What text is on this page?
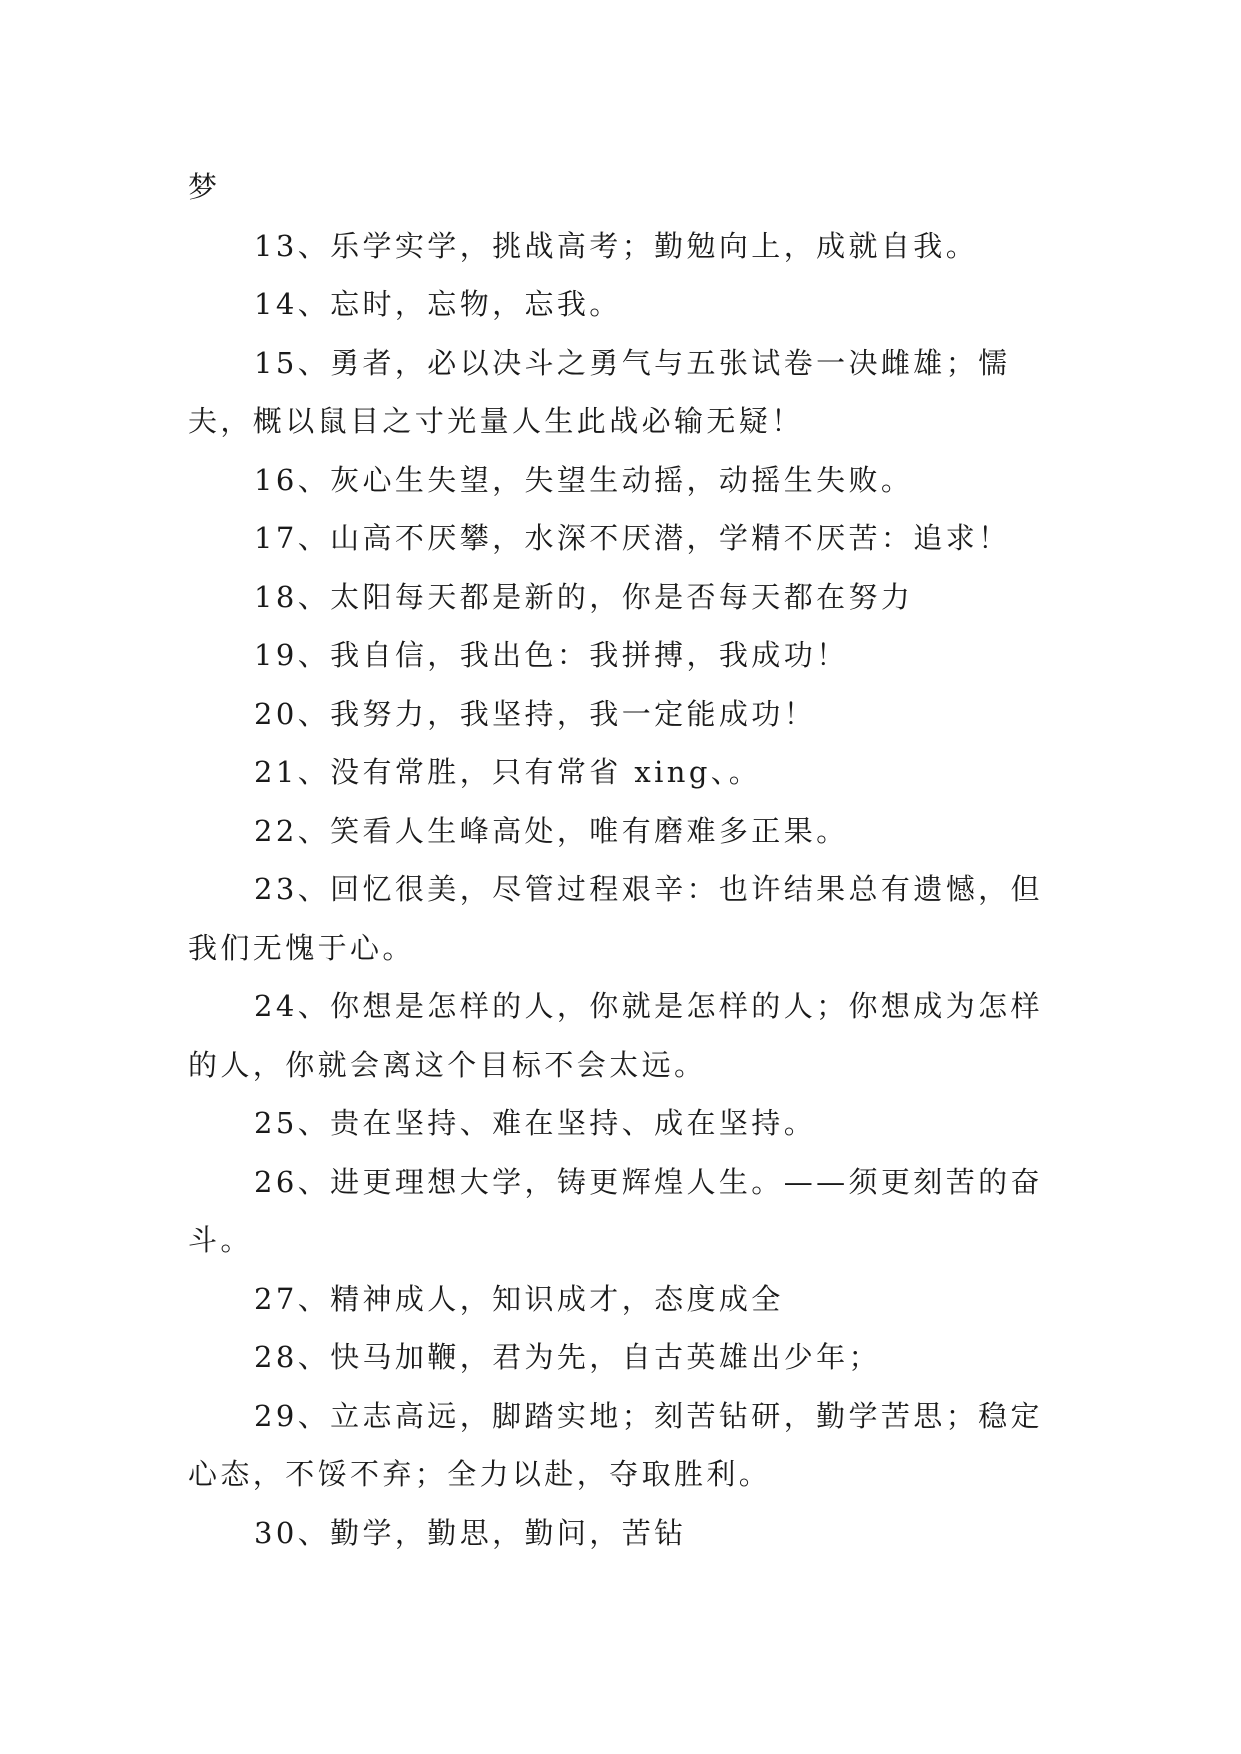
梦

13、乐学实学，挑战高考；勤勉向上，成就自我。

14、忘时，忘物，忘我。

15、勇者，必以决斗之勇气与五张试卷一决雌雄；懦夫，概以鼠目之寸光量人生此战必输无疑！

16、灰心生失望，失望生动摇，动摇生失败。

17、山高不厌攀，水深不厌潜，学精不厌苦：追求！

18、太阳每天都是新的，你是否每天都在努力

19、我自信，我出色：我拼搏，我成功！

20、我努力，我坚持，我一定能成功！

21、没有常胜，只有常省 xing、。

22、笑看人生峰高处，唯有磨难多正果。

23、回忆很美，尽管过程艰辛：也许结果总有遗憾，但我们无愧于心。

24、你想是怎样的人，你就是怎样的人；你想成为怎样的人，你就会离这个目标不会太远。

25、贵在坚持、难在坚持、成在坚持。

26、进更理想大学，铸更辉煌人生。——须更刻苦的奋斗。

27、精神成人，知识成才，态度成全

28、快马加鞭，君为先，自古英雄出少年；

29、立志高远，脚踏实地；刻苦钻研，勤学苦思；稳定心态，不馁不弃；全力以赴，夺取胜利。

30、勤学，勤思，勤问，苦钻
